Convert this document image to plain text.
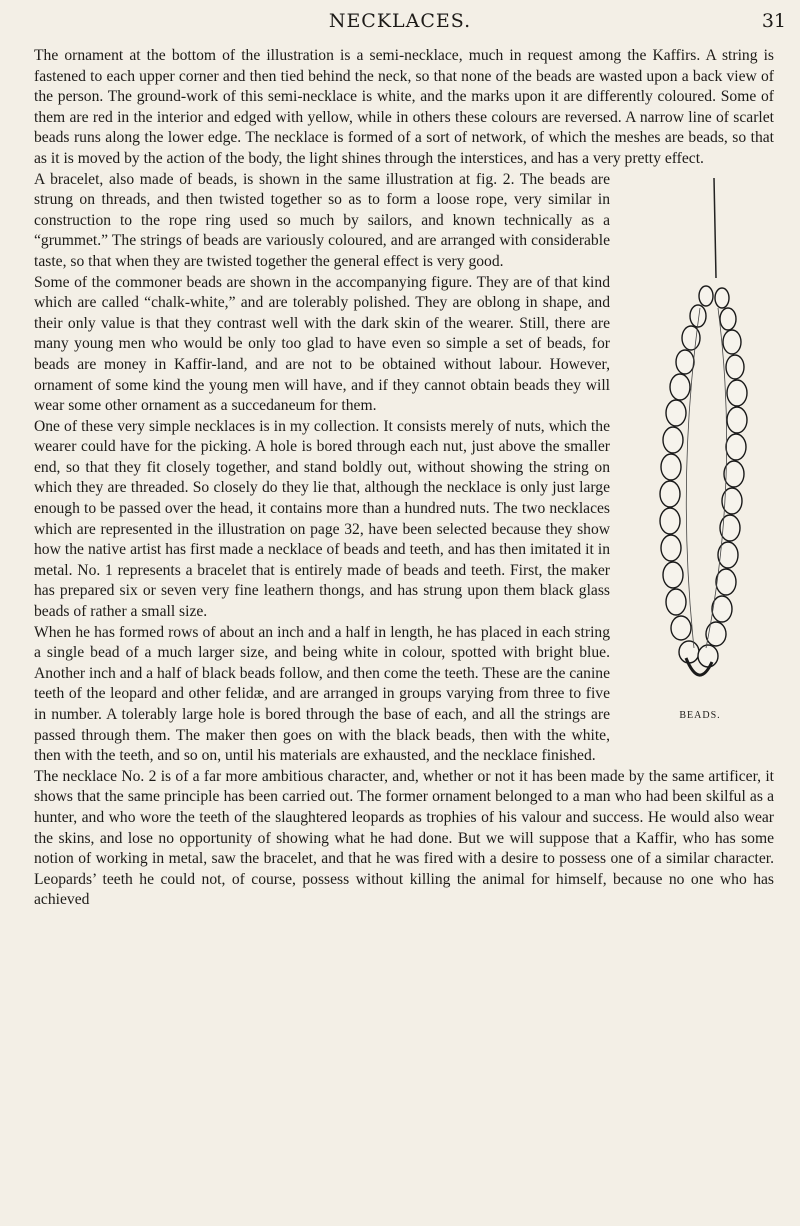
NECKLACES.	31

The ornament at the bottom of the illustration is a semi-necklace, much in request among the Kaffirs. A string is fastened to each upper corner and then tied behind the neck, so that none of the beads are wasted upon a back view of the person. The ground-work of this semi-necklace is white, and the marks upon it are differently coloured. Some of them are red in the interior and edged with yellow, while in others these colours are reversed. A narrow line of scarlet beads runs along the lower edge. The necklace is formed of a sort of network, of which the meshes are beads, so that as it is moved by the action of the body, the light shines through the interstices, and has a very pretty effect.

BEADS.

A bracelet, also made of beads, is shown in the same illustration at fig. 2. The beads are strung on threads, and then twisted together so as to form a loose rope, very similar in construction to the rope ring used so much by sailors, and known technically as a “grummet.” The strings of beads are variously coloured, and are arranged with considerable taste, so that when they are twisted together the general effect is very good.

Some of the commoner beads are shown in the accompanying figure. They are of that kind which are called “chalk-white,” and are tolerably polished. They are oblong in shape, and their only value is that they contrast well with the dark skin of the wearer. Still, there are many young men who would be only too glad to have even so simple a set of beads, for beads are money in Kaffir-land, and are not to be obtained without labour. However, ornament of some kind the young men will have, and if they cannot obtain beads they will wear some other ornament as a succedaneum for them.

One of these very simple necklaces is in my collection. It consists merely of nuts, which the wearer could have for the picking. A hole is bored through each nut, just above the smaller end, so that they fit closely together, and stand boldly out, without showing the string on which they are threaded. So closely do they lie that, although the necklace is only just large enough to be passed over the head, it contains more than a hundred nuts. The two necklaces which are represented in the illustration on page 32, have been selected because they show how the native artist has first made a necklace of beads and teeth, and has then imitated it in metal. No. 1 represents a bracelet that is entirely made of beads and teeth. First, the maker has prepared six or seven very fine leathern thongs, and has strung upon them black glass beads of rather a small size.

When he has formed rows of about an inch and a half in length, he has placed in each string a single bead of a much larger size, and being white in colour, spotted with bright blue. Another inch and a half of black beads follow, and then come the teeth. These are the canine teeth of the leopard and other felidæ, and are arranged in groups varying from three to five in number. A tolerably large hole is bored through the base of each, and all the strings are passed through them. The maker then goes on with the black beads, then with the white, then with the teeth, and so on, until his materials are exhausted, and the necklace finished.

The necklace No. 2 is of a far more ambitious character, and, whether or not it has been made by the same artificer, it shows that the same principle has been carried out. The former ornament belonged to a man who had been skilful as a hunter, and who wore the teeth of the slaughtered leopards as trophies of his valour and success. He would also wear the skins, and lose no opportunity of showing what he had done. But we will suppose that a Kaffir, who has some notion of working in metal, saw the bracelet, and that he was fired with a desire to possess one of a similar character. Leopards’ teeth he could not, of course, possess without killing the animal for himself, because no one who has achieved
